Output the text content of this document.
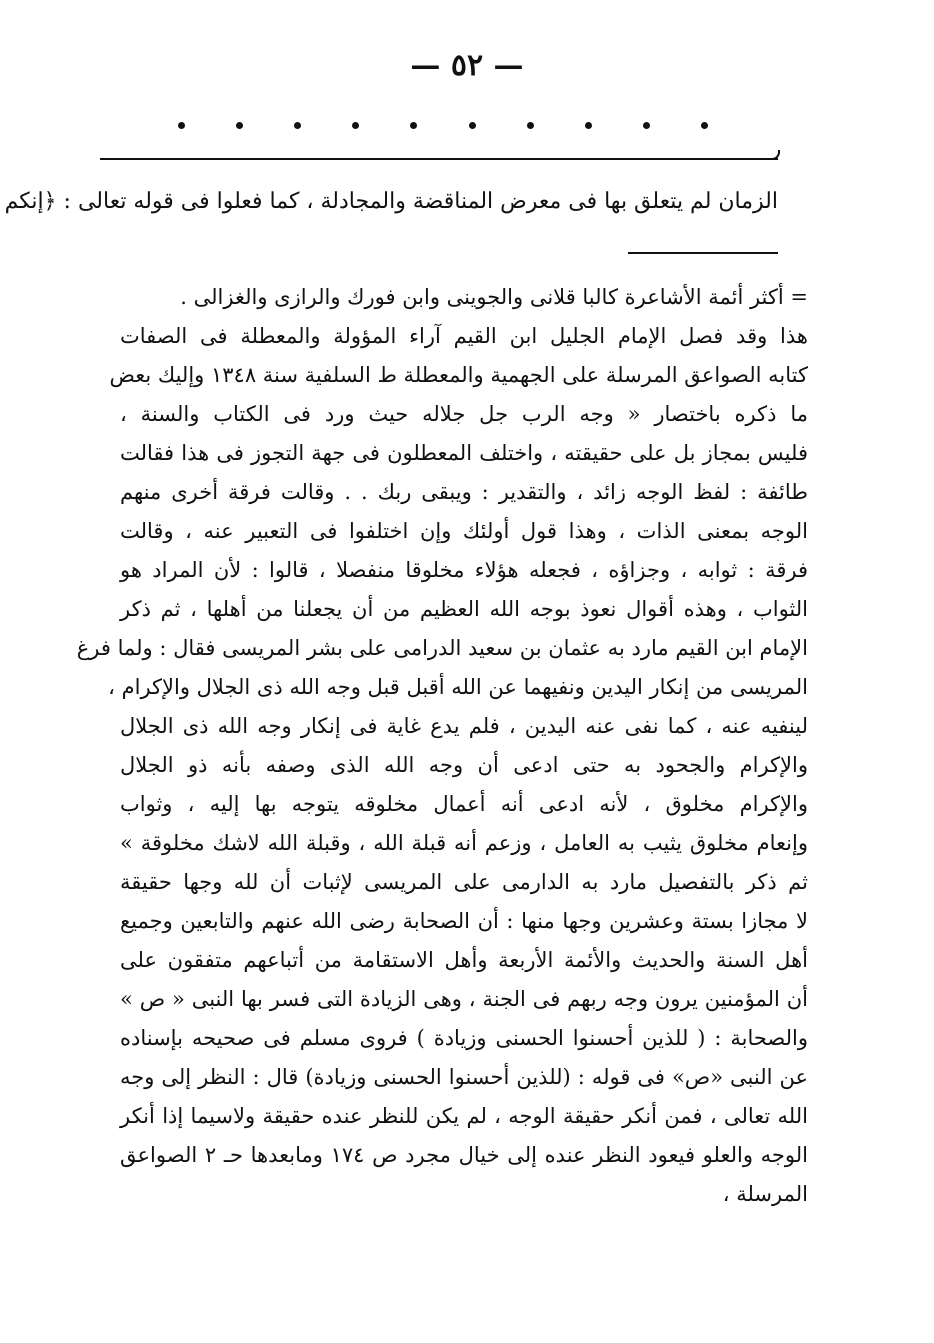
— ٥٢ —
الزمان لم يتعلق بها فى معرض المناقضة والمجادلة ، كما فعلوا فى قوله تعالى : ﴿إنكم
= أكثر أئمة الأشاعرة كالبا قلانى والجوينى وابن فورك والرازى والغزالى .
هذا وقد فصل الإمام الجليل ابن القيم آراء المؤولة والمعطلة فى الصفات
كتابه الصواعق المرسلة على الجهمية والمعطلة ط السلفية سنة ١٣٤٨ وإليك بعض
ما ذكره باختصار « وجه الرب جل جلاله حيث ورد فى الكتاب والسنة ،
فليس بمجاز بل على حقيقته ، واختلف المعطلون فى جهة التجوز فى هذا فقالت
طائفة : لفظ الوجه زائد ، والتقدير : ويبقى ربك . . وقالت فرقة أخرى منهم
الوجه بمعنى الذات ، وهذا قول أولئك وإن اختلفوا فى التعبير عنه ، وقالت
فرقة : ثوابه ، وجزاؤه ، فجعله هؤلاء مخلوقا منفصلا ، قالوا : لأن المراد هو
الثواب ، وهذه أقوال نعوذ بوجه الله العظيم من أن يجعلنا من أهلها ، ثم ذكر
الإمام ابن القيم مارد به عثمان بن سعيد الدرامى على بشر المريسى فقال : ولما فرغ
المريسى من إنكار اليدين ونفيهما عن الله أقبل قبل وجه الله ذى الجلال والإكرام ،
لينفيه عنه ، كما نفى عنه اليدين ، فلم يدع غاية فى إنكار وجه الله ذى الجلال
والإكرام والجحود به حتى ادعى أن وجه الله الذى وصفه بأنه ذو الجلال
والإكرام مخلوق ، لأنه ادعى أنه أعمال مخلوقه يتوجه بها إليه ، وثواب
وإنعام مخلوق يثيب به العامل ، وزعم أنه قبلة الله ، وقبلة الله لاشك مخلوقة »
ثم ذكر بالتفصيل مارد به الدارمى على المريسى لإثبات أن لله وجها حقيقة
لا مجازا بستة وعشرين وجها منها : أن الصحابة رضى الله عنهم والتابعين وجميع
أهل السنة والحديث والأئمة الأربعة وأهل الاستقامة من أتباعهم متفقون على
أن المؤمنين يرون وجه ربهم فى الجنة ، وهى الزيادة التى فسر بها النبى « ص »
والصحابة : ( للذين أحسنوا الحسنى وزيادة ) فروى مسلم فى صحيحه بإسناده
عن النبى «ص» فى قوله : (للذين أحسنوا الحسنى وزيادة) قال : النظر إلى وجه
الله تعالى ، فمن أنكر حقيقة الوجه ، لم يكن للنظر عنده حقيقة ولاسيما إذا أنكر
الوجه والعلو فيعود النظر عنده إلى خيال مجرد ص ١٧٤ ومابعدها حـ ٢ الصواعق
المرسلة ،
